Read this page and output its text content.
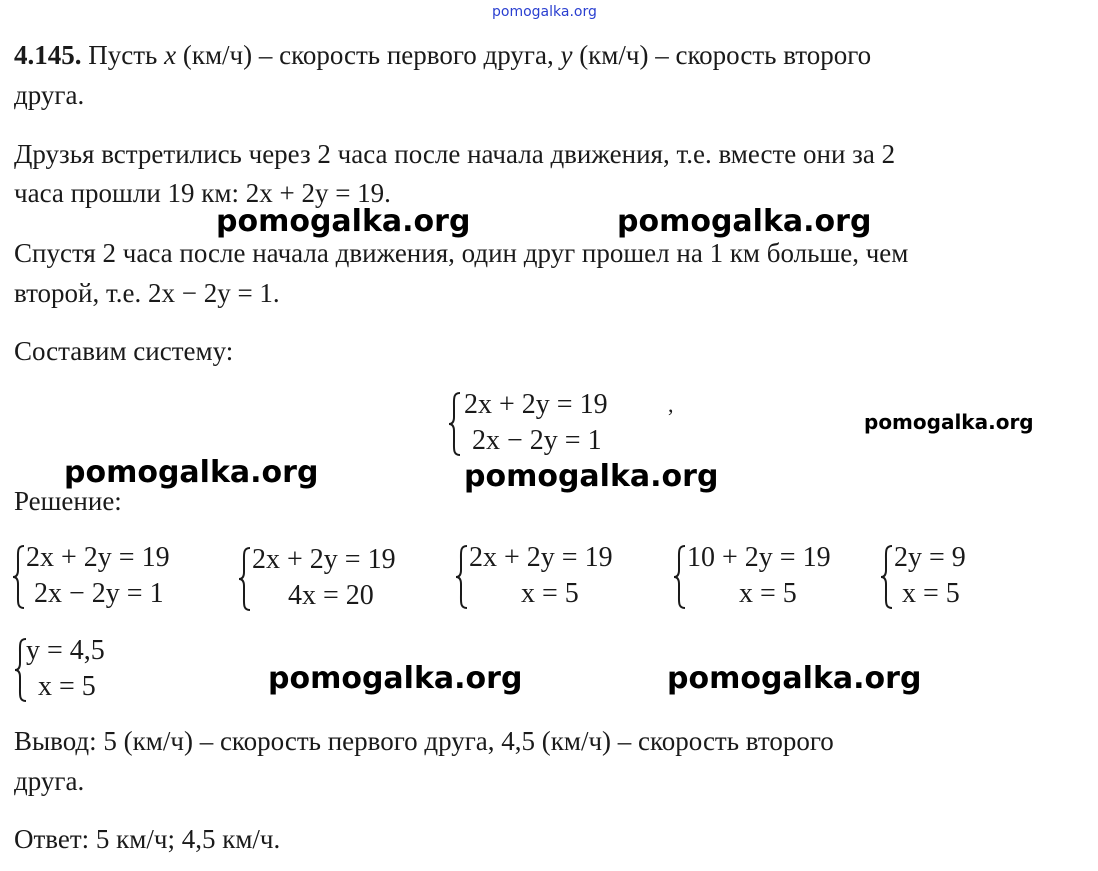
pomogalka.org
4.145. Пусть x (км/ч) – скорость первого друга, y (км/ч) – скорость второго
друга.
Друзья встретились через 2 часа после начала движения, т.е. вместе они за 2
часа прошли 19 км: 2x + 2y = 19.
pomogalka.org	pomogalka.org
Спустя 2 часа после начала движения, один друг прошел на 1 км больше, чем
второй, т.е. 2x − 2y = 1.
Составим систему:
2x + 2y = 19
2x − 2y = 1
,
pomogalka.org
pomogalka.org	pomogalka.org
Решение:
2x + 2y = 19
2x − 2y = 1
2x + 2y = 19
4x = 20
2x + 2y = 19
x = 5
10 + 2y = 19
x = 5
2y = 9
x = 5
y = 4,5
x = 5	pomogalka.org	pomogalka.org
Вывод: 5 (км/ч) – скорость первого друга, 4,5 (км/ч) – скорость второго
друга.
Ответ: 5 км/ч; 4,5 км/ч.
